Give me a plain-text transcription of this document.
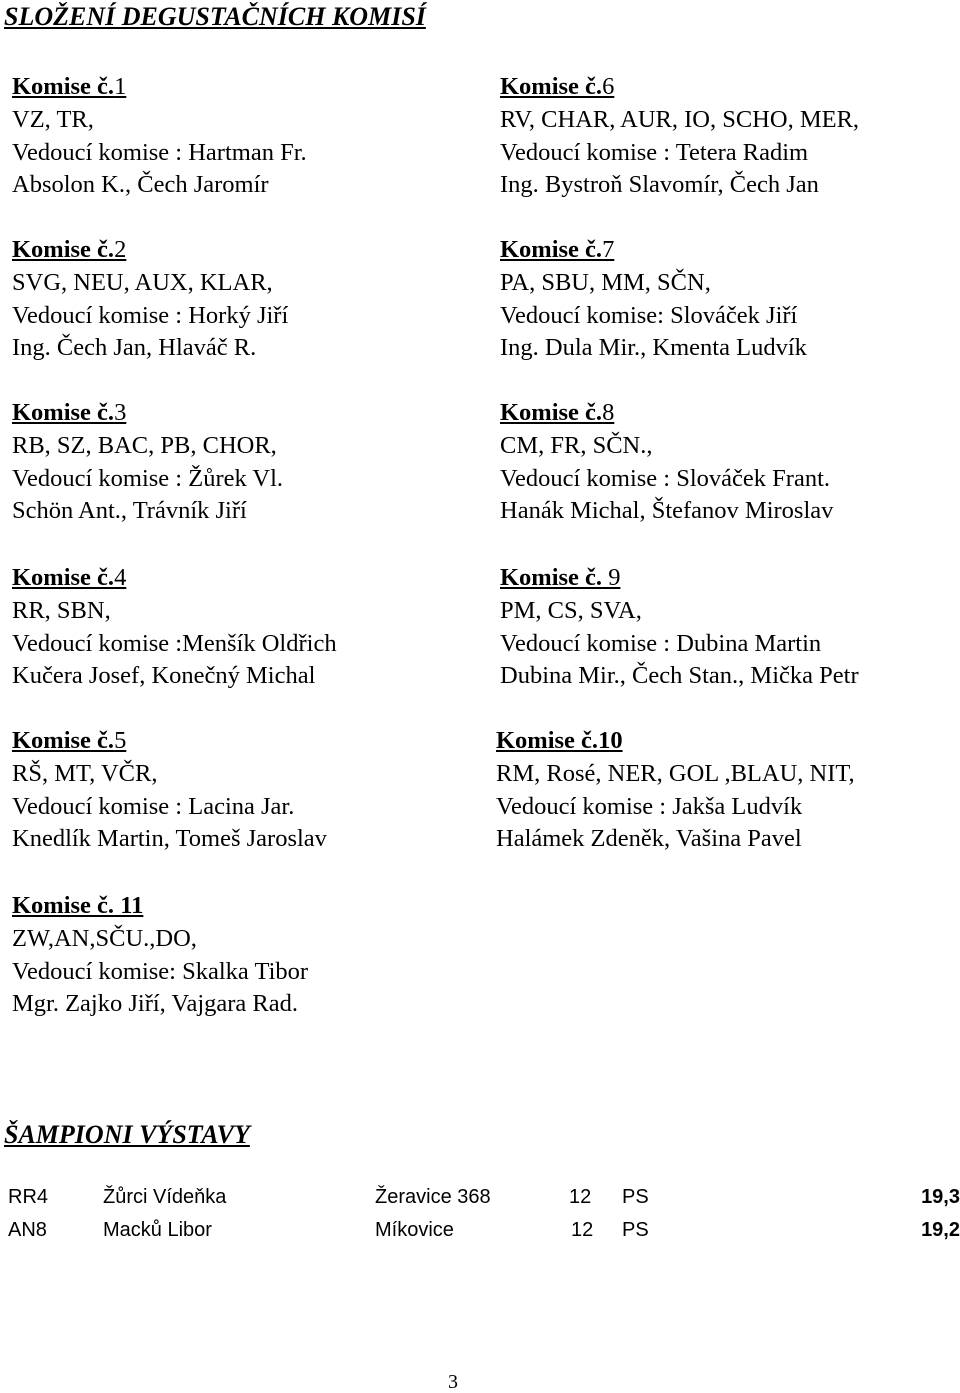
SLOŽENÍ DEGUSTAČNÍCH KOMISÍ
Komise č.1
VZ, TR,
Vedoucí komise : Hartman Fr.
Absolon K., Čech Jaromír
Komise č.2
SVG, NEU, AUX, KLAR,
Vedoucí komise : Horký Jiří
Ing. Čech Jan, Hlaváč R.
Komise č.3
RB, SZ, BAC, PB, CHOR,
Vedoucí komise : Žůrek Vl.
Schön Ant., Trávník Jiří
Komise č.4
RR, SBN,
Vedoucí komise :Menšík Oldřich
Kučera Josef, Konečný Michal
Komise č.5
RŠ, MT, VČR,
Vedoucí komise : Lacina Jar.
Knedlík Martin, Tomeš Jaroslav
Komise č.6
RV, CHAR, AUR, IO, SCHO, MER,
Vedoucí komise : Tetera Radim
Ing. Bystroň Slavomír, Čech Jan
Komise č.7
PA, SBU, MM, SČN,
Vedoucí komise: Slováček Jiří
Ing. Dula Mir., Kmenta Ludvík
Komise č.8
CM, FR, SČN.,
Vedoucí komise : Slováček Frant.
Hanák Michal, Štefanov Miroslav
Komise č. 9
PM, CS, SVA,
Vedoucí komise : Dubina Martin
Dubina Mir., Čech Stan., Mička Petr
Komise č.10
RM, Rosé, NER, GOL ,BLAU, NIT,
Vedoucí komise : Jakša Ludvík
Halámek Zdeněk, Vašina Pavel
Komise č. 11
ZW,AN,SČU.,DO,
Vedoucí komise: Skalka Tibor
Mgr. Zajko Jiří, Vajgara Rad.
ŠAMPIONI VÝSTAVY
RR4	Žůrci Vídeňka	Žeravice 368	12 PS	19,3
AN8	Macků Libor	Míkovice	12 PS	19,2
3
